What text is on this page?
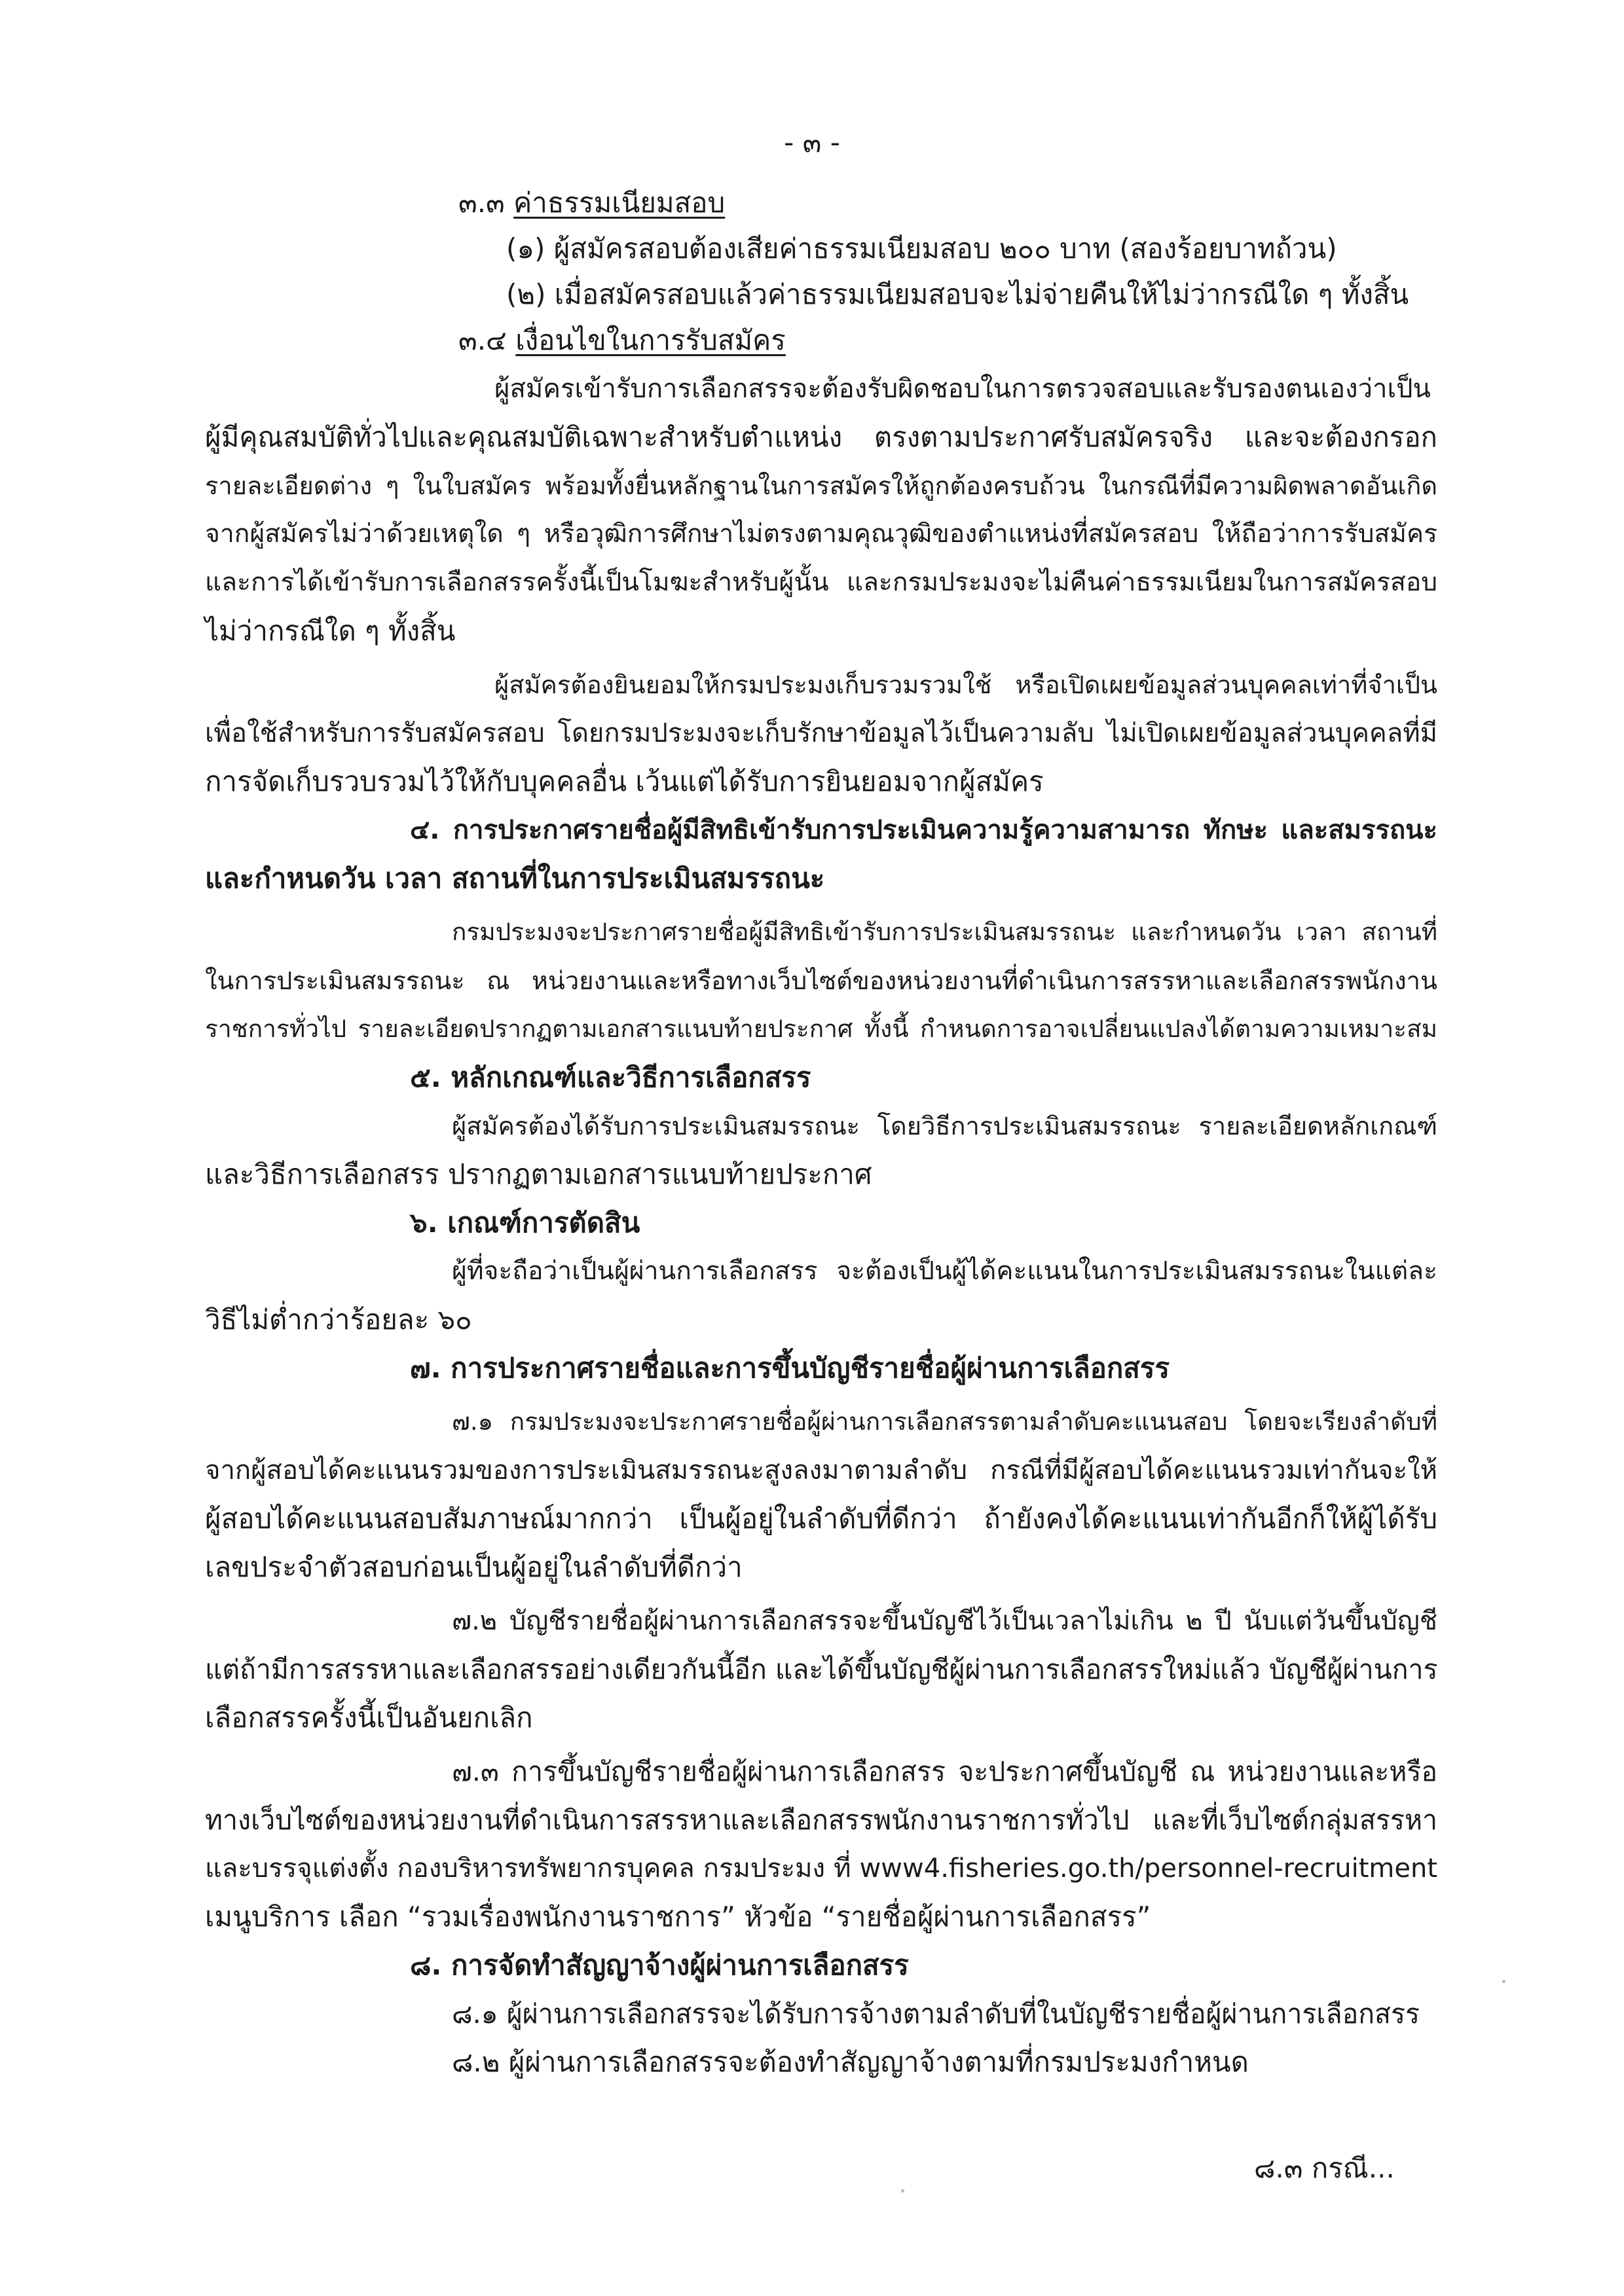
- ๓ -
๓.๓ ค่าธรรมเนียมสอบ
(๑) ผู้สมัครสอบต้องเสียค่าธรรมเนียมสอบ ๒๐๐ บาท (สองร้อยบาทถ้วน)
(๒) เมื่อสมัครสอบแล้วค่าธรรมเนียมสอบจะไม่จ่ายคืนให้ไม่ว่ากรณีใด ๆ ทั้งสิ้น
๓.๔ เงื่อนไขในการรับสมัคร
ผู้สมัครเข้ารับการเลือกสรรจะต้องรับผิดชอบในการตรวจสอบและรับรองตนเองว่าเป็น
ผู้มีคุณสมบัติทั่วไปและคุณสมบัติเฉพาะสำหรับตำแหน่ง ตรงตามประกาศรับสมัครจริง และจะต้องกรอก
รายละเอียดต่าง ๆ ในใบสมัคร พร้อมทั้งยื่นหลักฐานในการสมัครให้ถูกต้องครบถ้วน ในกรณีที่มีความผิดพลาดอันเกิด
จากผู้สมัครไม่ว่าด้วยเหตุใด ๆ หรือวุฒิการศึกษาไม่ตรงตามคุณวุฒิของตำแหน่งที่สมัครสอบ ให้ถือว่าการรับสมัคร
และการได้เข้ารับการเลือกสรรครั้งนี้เป็นโมฆะสำหรับผู้นั้น และกรมประมงจะไม่คืนค่าธรรมเนียมในการสมัครสอบ
ไม่ว่ากรณีใด ๆ ทั้งสิ้น
ผู้สมัครต้องยินยอมให้กรมประมงเก็บรวมรวมใช้ หรือเปิดเผยข้อมูลส่วนบุคคลเท่าที่จำเป็น
เพื่อใช้สำหรับการรับสมัครสอบ โดยกรมประมงจะเก็บรักษาข้อมูลไว้เป็นความลับ ไม่เปิดเผยข้อมูลส่วนบุคคลที่มี
การจัดเก็บรวบรวมไว้ให้กับบุคคลอื่น เว้นแต่ได้รับการยินยอมจากผู้สมัคร
๔. การประกาศรายชื่อผู้มีสิทธิเข้ารับการประเมินความรู้ความสามารถ ทักษะ และสมรรถนะ
และกำหนดวัน เวลา สถานที่ในการประเมินสมรรถนะ
กรมประมงจะประกาศรายชื่อผู้มีสิทธิเข้ารับการประเมินสมรรถนะ และกำหนดวัน เวลา สถานที่
ในการประเมินสมรรถนะ ณ หน่วยงานและหรือทางเว็บไซต์ของหน่วยงานที่ดำเนินการสรรหาและเลือกสรรพนักงาน
ราชการทั่วไป รายละเอียดปรากฏตามเอกสารแนบท้ายประกาศ ทั้งนี้ กำหนดการอาจเปลี่ยนแปลงได้ตามความเหมาะสม
๕. หลักเกณฑ์และวิธีการเลือกสรร
ผู้สมัครต้องได้รับการประเมินสมรรถนะ โดยวิธีการประเมินสมรรถนะ รายละเอียดหลักเกณฑ์
และวิธีการเลือกสรร ปรากฏตามเอกสารแนบท้ายประกาศ
๖. เกณฑ์การตัดสิน
ผู้ที่จะถือว่าเป็นผู้ผ่านการเลือกสรร จะต้องเป็นผู้ได้คะแนนในการประเมินสมรรถนะในแต่ละ
วิธีไม่ต่ำกว่าร้อยละ ๖๐
๗. การประกาศรายชื่อและการขึ้นบัญชีรายชื่อผู้ผ่านการเลือกสรร
๗.๑ กรมประมงจะประกาศรายชื่อผู้ผ่านการเลือกสรรตามลำดับคะแนนสอบ โดยจะเรียงลำดับที่
จากผู้สอบได้คะแนนรวมของการประเมินสมรรถนะสูงลงมาตามลำดับ กรณีที่มีผู้สอบได้คะแนนรวมเท่ากันจะให้
ผู้สอบได้คะแนนสอบสัมภาษณ์มากกว่า เป็นผู้อยู่ในลำดับที่ดีกว่า ถ้ายังคงได้คะแนนเท่ากันอีกก็ให้ผู้ได้รับ
เลขประจำตัวสอบก่อนเป็นผู้อยู่ในลำดับที่ดีกว่า
๗.๒ บัญชีรายชื่อผู้ผ่านการเลือกสรรจะขึ้นบัญชีไว้เป็นเวลาไม่เกิน ๒ ปี นับแต่วันขึ้นบัญชี
แต่ถ้ามีการสรรหาและเลือกสรรอย่างเดียวกันนี้อีก และได้ขึ้นบัญชีผู้ผ่านการเลือกสรรใหม่แล้ว บัญชีผู้ผ่านการ
เลือกสรรครั้งนี้เป็นอันยกเลิก
๗.๓ การขึ้นบัญชีรายชื่อผู้ผ่านการเลือกสรร จะประกาศขึ้นบัญชี ณ หน่วยงานและหรือ
ทางเว็บไซต์ของหน่วยงานที่ดำเนินการสรรหาและเลือกสรรพนักงานราชการทั่วไป และที่เว็บไซต์กลุ่มสรรหา
และบรรจุแต่งตั้ง กองบริหารทรัพยากรบุคคล กรมประมง ที่ www4.fisheries.go.th/personnel-recruitment
เมนูบริการ เลือก “รวมเรื่องพนักงานราชการ” หัวข้อ “รายชื่อผู้ผ่านการเลือกสรร”
๘. การจัดทำสัญญาจ้างผู้ผ่านการเลือกสรร
๘.๑ ผู้ผ่านการเลือกสรรจะได้รับการจ้างตามลำดับที่ในบัญชีรายชื่อผู้ผ่านการเลือกสรร
๘.๒ ผู้ผ่านการเลือกสรรจะต้องทำสัญญาจ้างตามที่กรมประมงกำหนด
๘.๓ กรณี...
